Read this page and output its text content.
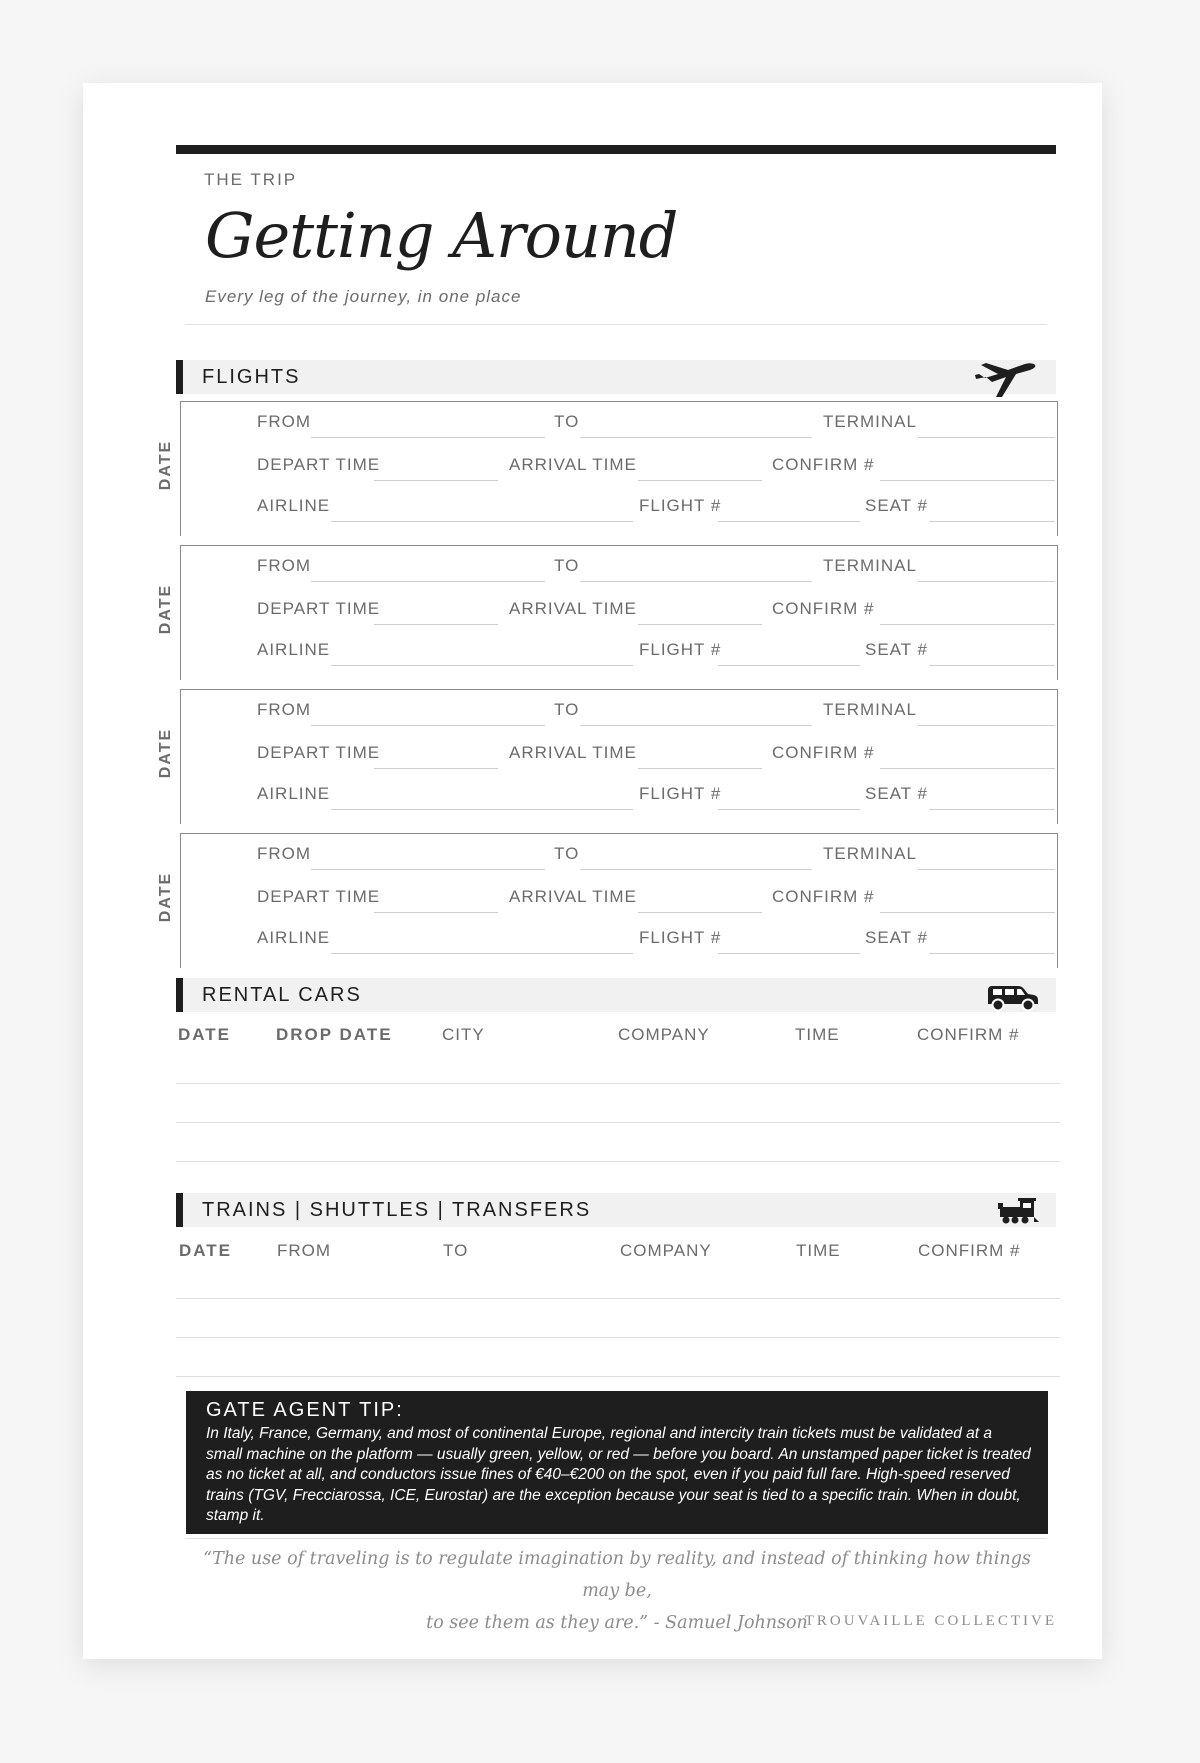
THE TRIP
Getting Around
Every leg of the journey, in one place
FLIGHTS
DATE
FROM	TO	TERMINAL
DEPART TIME	ARRIVAL TIME	CONFIRM #
AIRLINE	FLIGHT #	SEAT #
DATE
FROM	TO	TERMINAL
DEPART TIME	ARRIVAL TIME	CONFIRM #
AIRLINE	FLIGHT #	SEAT #
DATE
FROM	TO	TERMINAL
DEPART TIME	ARRIVAL TIME	CONFIRM #
AIRLINE	FLIGHT #	SEAT #
DATE
FROM	TO	TERMINAL
DEPART TIME	ARRIVAL TIME	CONFIRM #
AIRLINE	FLIGHT #	SEAT #
RENTAL CARS
DATE	DROP DATE	CITY	COMPANY	TIME	CONFIRM #
TRAINS | SHUTTLES | TRANSFERS
DATE	FROM	TO	COMPANY	TIME	CONFIRM #
GATE AGENT TIP:
In Italy, France, Germany, and most of continental Europe, regional and intercity train tickets must be validated at a small machine on the platform — usually green, yellow, or red — before you board. An unstamped paper ticket is treated as no ticket at all, and conductors issue fines of €40–€200 on the spot, even if you paid full fare. High-speed reserved trains (TGV, Frecciarossa, ICE, Eurostar) are the exception because your seat is tied to a specific train. When in doubt, stamp it.
“The use of traveling is to regulate imagination by reality, and instead of thinking how things may be,
to see them as they are.” - Samuel Johnson
TROUVAILLE COLLECTIVE
